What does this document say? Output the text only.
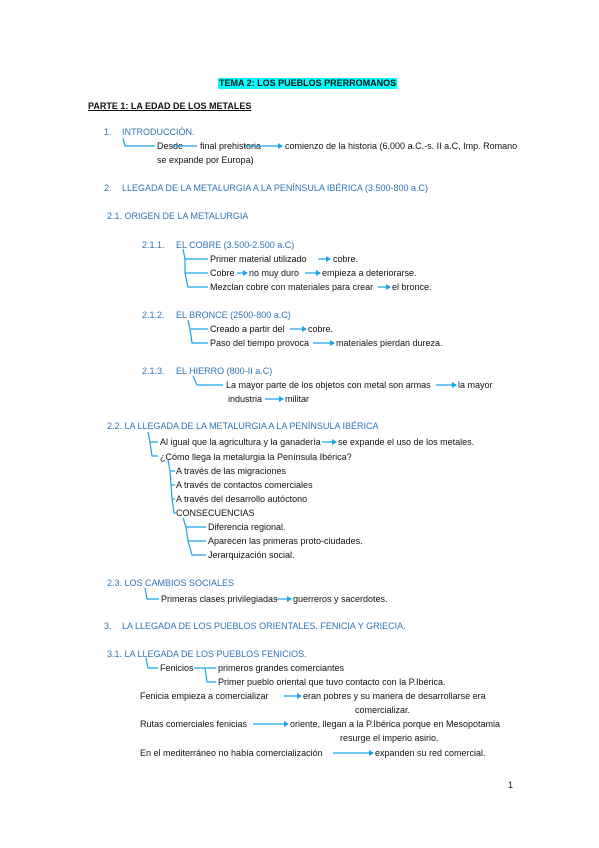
TEMA 2: LOS PUEBLOS PRERROMANOS
PARTE 1: LA EDAD DE LOS METALES
1. INTRODUCCIÓN.
Desde final prehistoria	comienzo de la historia (6.000 a.C.-s. II a.C, Imp. Romano
se expande por Europa)
2. LLEGADA DE LA METALURGIA A LA PENÍNSULA IBÉRICA (3.500-800 a.C)
2.1. ORIGEN DE LA METALURGIA
2.1.1. EL COBRE (3.500-2.500 a.C)
Primer material utilizado	cobre.
Cobre no muy duro	empieza a deteriorarse.
Mezclan cobre con materiales para crear el bronce.
2.1.2. EL BRONCE (2500-800 a.C)
Creado a partir del	cobre.
Paso del tiempo provoca	materiales pierdan dureza.
2.1.3. EL HIERRO (800-II a.C)
La mayor parte de los objetos con metal son armas	la mayor
industria	militar
2.2. LA LLEGADA DE LA METALURGIA A LA PENÍNSULA IBÉRICA
Al igual que la agricultura y la ganadería se expande el uso de los metales.
¿Cómo llega la metalurgia la Península Ibérica?
A través de las migraciones
A través de contactos comerciales
A través del desarrollo autóctono
CONSECUENCIAS
Diferencia regional.
Aparecen las primeras proto-ciudades.
Jerarquización social.
2.3. LOS CAMBIOS SOCIALES
Primeras clases privilegiadas guerreros y sacerdotes.
3. LA LLEGADA DE LOS PUEBLOS ORIENTALES. FENICIA Y GRIECIA.
3.1. LA LLEGADA DE LOS PUEBLOS FENICIOS.
Fenicios	primeros grandes comerciantes
Primer pueblo oriental que tuvo contacto con la P.Ibérica.
Fenicia empieza a comercializar	eran pobres y su manera de desarrollarse era
comercializar.
Rutas comerciales fenicias	oriente, llegan a la P.Ibérica porque en Mesopotamia
resurge el imperio asirio.
En el mediterráneo no había comercialización	expanden su red comercial.
1
